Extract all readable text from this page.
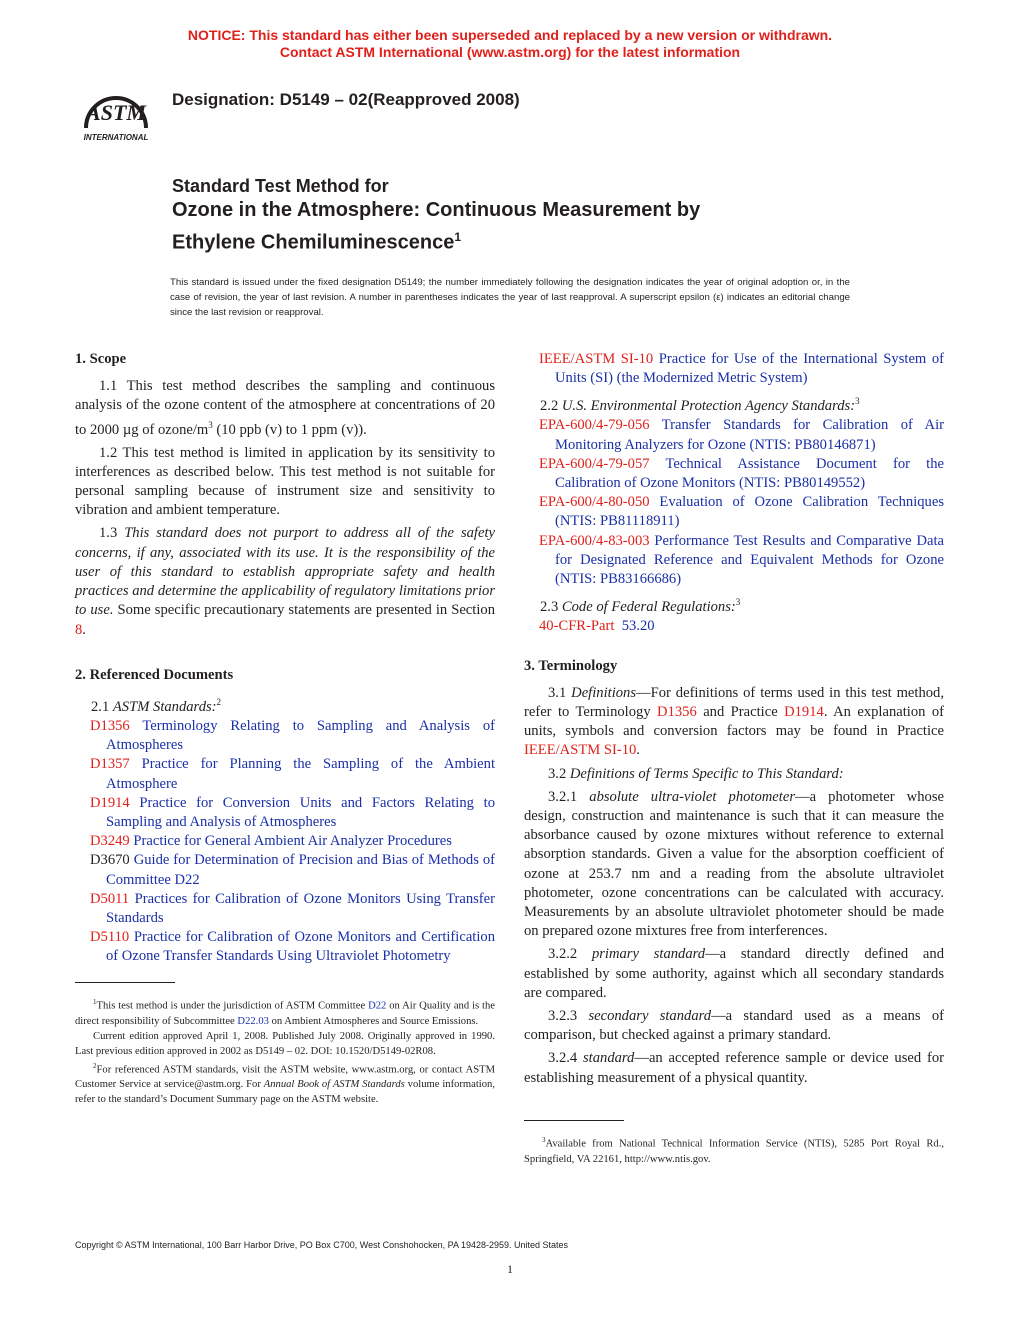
NOTICE: This standard has either been superseded and replaced by a new version or withdrawn.
Contact ASTM International (www.astm.org) for the latest information
ASTM
INTERNATIONAL
Designation: D5149 – 02(Reapproved 2008)
Standard Test Method for
Ozone in the Atmosphere: Continuous Measurement by
Ethylene Chemiluminescence$^1$
This standard is issued under the fixed designation D5149; the number immediately following the designation indicates the year of original adoption or, in the case of revision, the year of last revision. A number in parentheses indicates the year of last reapproval. A superscript epsilon (ε) indicates an editorial change since the last revision or reapproval.
1. Scope
1.1 This test method describes the sampling and continuous analysis of the ozone content of the atmosphere at concentrations of 20 to 2000 µg of ozone/$m^3$ (10 ppb (v) to 1 ppm (v)).
1.2 This test method is limited in application by its sensitivity to interferences as described below. This test method is not suitable for personal sampling because of instrument size and sensitivity to vibration and ambient temperature.
1.3 This standard does not purport to address all of the safety concerns, if any, associated with its use. It is the responsibility of the user of this standard to establish appropriate safety and health practices and determine the applicability of regulatory limitations prior to use. Some specific precautionary statements are presented in Section 8.
2. Referenced Documents
2.1 ASTM Standards:$^2$
D1356 Terminology Relating to Sampling and Analysis of Atmospheres
D1357 Practice for Planning the Sampling of the Ambient Atmosphere
D1914 Practice for Conversion Units and Factors Relating to Sampling and Analysis of Atmospheres
D3249 Practice for General Ambient Air Analyzer Procedures
D3670 Guide for Determination of Precision and Bias of Methods of Committee D22
D5011 Practices for Calibration of Ozone Monitors Using Transfer Standards
D5110 Practice for Calibration of Ozone Monitors and Certification of Ozone Transfer Standards Using Ultraviolet Photometry
$^1$This test method is under the jurisdiction of ASTM Committee D22 on Air Quality and is the direct responsibility of Subcommittee D22.03 on Ambient Atmospheres and Source Emissions.
Current edition approved April 1, 2008. Published July 2008. Originally approved in 1990. Last previous edition approved in 2002 as D5149 – 02. DOI: 10.1520/D5149-02R08.
$^2$For referenced ASTM standards, visit the ASTM website, www.astm.org, or contact ASTM Customer Service at service@astm.org. For Annual Book of ASTM Standards volume information, refer to the standard’s Document Summary page on the ASTM website.
IEEE/ASTM SI-10 Practice for Use of the International System of Units (SI) (the Modernized Metric System)
2.2 U.S. Environmental Protection Agency Standards:$^3$
EPA-600/4-79-056 Transfer Standards for Calibration of Air Monitoring Analyzers for Ozone (NTIS: PB80146871)
EPA-600/4-79-057 Technical Assistance Document for the Calibration of Ozone Monitors (NTIS: PB80149552)
EPA-600/4-80-050 Evaluation of Ozone Calibration Techniques (NTIS: PB81118911)
EPA-600/4-83-003 Performance Test Results and Comparative Data for Designated Reference and Equivalent Methods for Ozone (NTIS: PB83166686)
2.3 Code of Federal Regulations:$^3$
40-CFR-Part 53.20
3. Terminology
3.1 Definitions—For definitions of terms used in this test method, refer to Terminology D1356 and Practice D1914. An explanation of units, symbols and conversion factors may be found in Practice IEEE/ASTM SI-10.
3.2 Definitions of Terms Specific to This Standard:
3.2.1 absolute ultra-violet photometer—a photometer whose design, construction and maintenance is such that it can measure the absorbance caused by ozone mixtures without reference to external absorption standards. Given a value for the absorption coefficient of ozone at 253.7 nm and a reading from the absolute ultraviolet photometer, ozone concentrations can be calculated with accuracy. Measurements by an absolute ultraviolet photometer should be made on prepared ozone mixtures free from interferences.
3.2.2 primary standard—a standard directly defined and established by some authority, against which all secondary standards are compared.
3.2.3 secondary standard—a standard used as a means of comparison, but checked against a primary standard.
3.2.4 standard—an accepted reference sample or device used for establishing measurement of a physical quantity.
$^3$Available from National Technical Information Service (NTIS), 5285 Port Royal Rd., Springfield, VA 22161, http://www.ntis.gov.
Copyright © ASTM International, 100 Barr Harbor Drive, PO Box C700, West Conshohocken, PA 19428-2959. United States
1
